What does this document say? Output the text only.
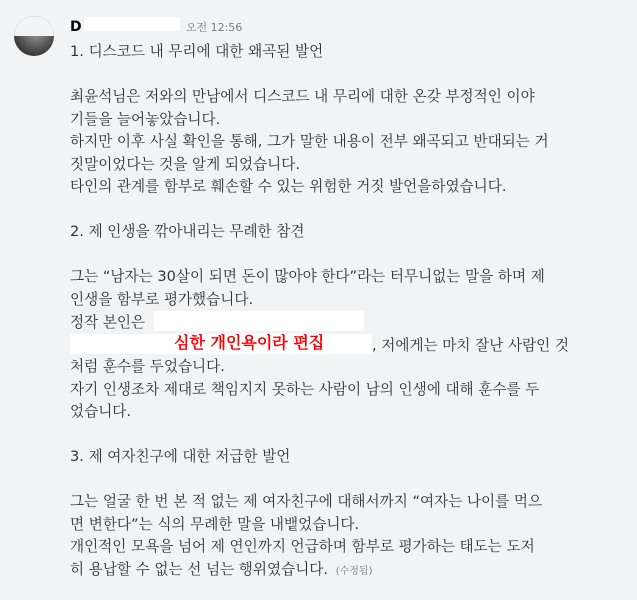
D	오전 12:56
1. 디스코드 내 무리에 대한 왜곡된 발언
최윤석님은 저와의 만남에서 디스코드 내 무리에 대한 온갖 부정적인 이야
기들을 늘어놓았습니다.
하지만 이후 사실 확인을 통해, 그가 말한 내용이 전부 왜곡되고 반대되는 거
짓말이었다는 것을 알게 되었습니다.
타인의 관계를 함부로 훼손할 수 있는 위험한 거짓 발언을하였습니다.
2. 제 인생을 깎아내리는 무례한 참견
그는 “남자는 30살이 되면 돈이 많아야 한다”라는 터무니없는 말을 하며 제
인생을 함부로 평가했습니다.
정작 본인은
, 저에게는 마치 잘난 사람인 것
처럼 훈수를 두었습니다.
자기 인생조차 제대로 책임지지 못하는 사람이 남의 인생에 대해 훈수를 두
었습니다.
3. 제 여자친구에 대한 저급한 발언
그는 얼굴 한 번 본 적 없는 제 여자친구에 대해서까지 “여자는 나이를 먹으
면 변한다”는 식의 무례한 말을 내뱉었습니다.
개인적인 모욕을 넘어 제 연인까지 언급하며 함부로 평가하는 태도는 도저
히 용납할 수 없는 선 넘는 행위였습니다. (수정됨)
심한 개인욕이라 편집
